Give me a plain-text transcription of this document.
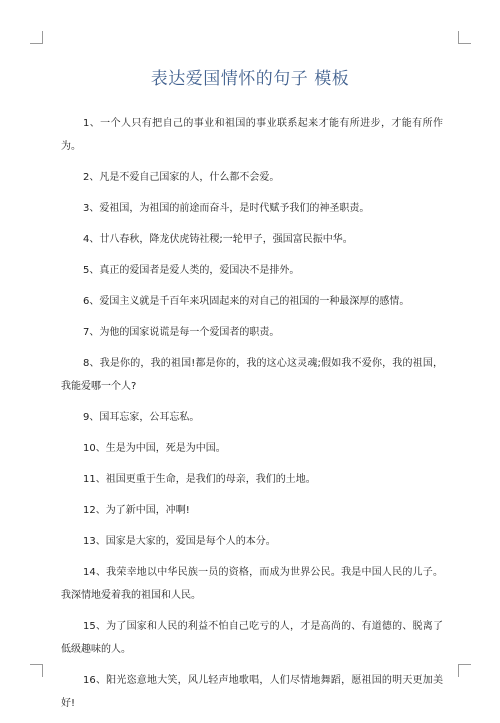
表达爱国情怀的句子 模板

1、一个人只有把自己的事业和祖国的事业联系起来才能有所进步，才能有所作为。

2、凡是不爱自己国家的人，什么都不会爱。

3、爱祖国，为祖国的前途而奋斗，是时代赋予我们的神圣职责。

4、廿八春秋，降龙伏虎铸社稷;一轮甲子，强国富民振中华。

5、真正的爱国者是爱人类的，爱国决不是排外。

6、爱国主义就是千百年来巩固起来的对自己的祖国的一种最深厚的感情。

7、为他的国家说谎是每一个爱国者的职责。

8、我是你的，我的祖国!都是你的，我的这心这灵魂;假如我不爱你，我的祖国，我能爱哪一个人?

9、国耳忘家，公耳忘私。

10、生是为中国，死是为中国。

11、祖国更重于生命，是我们的母亲，我们的土地。

12、为了新中国，冲啊!

13、国家是大家的，爱国是每个人的本分。

14、我荣幸地以中华民族一员的资格，而成为世界公民。我是中国人民的儿子。我深情地爱着我的祖国和人民。

15、为了国家和人民的利益不怕自己吃亏的人，才是高尚的、有道德的、脱离了低级趣味的人。

16、阳光恣意地大笑，风儿轻声地歌唱，人们尽情地舞蹈，愿祖国的明天更加美好!
